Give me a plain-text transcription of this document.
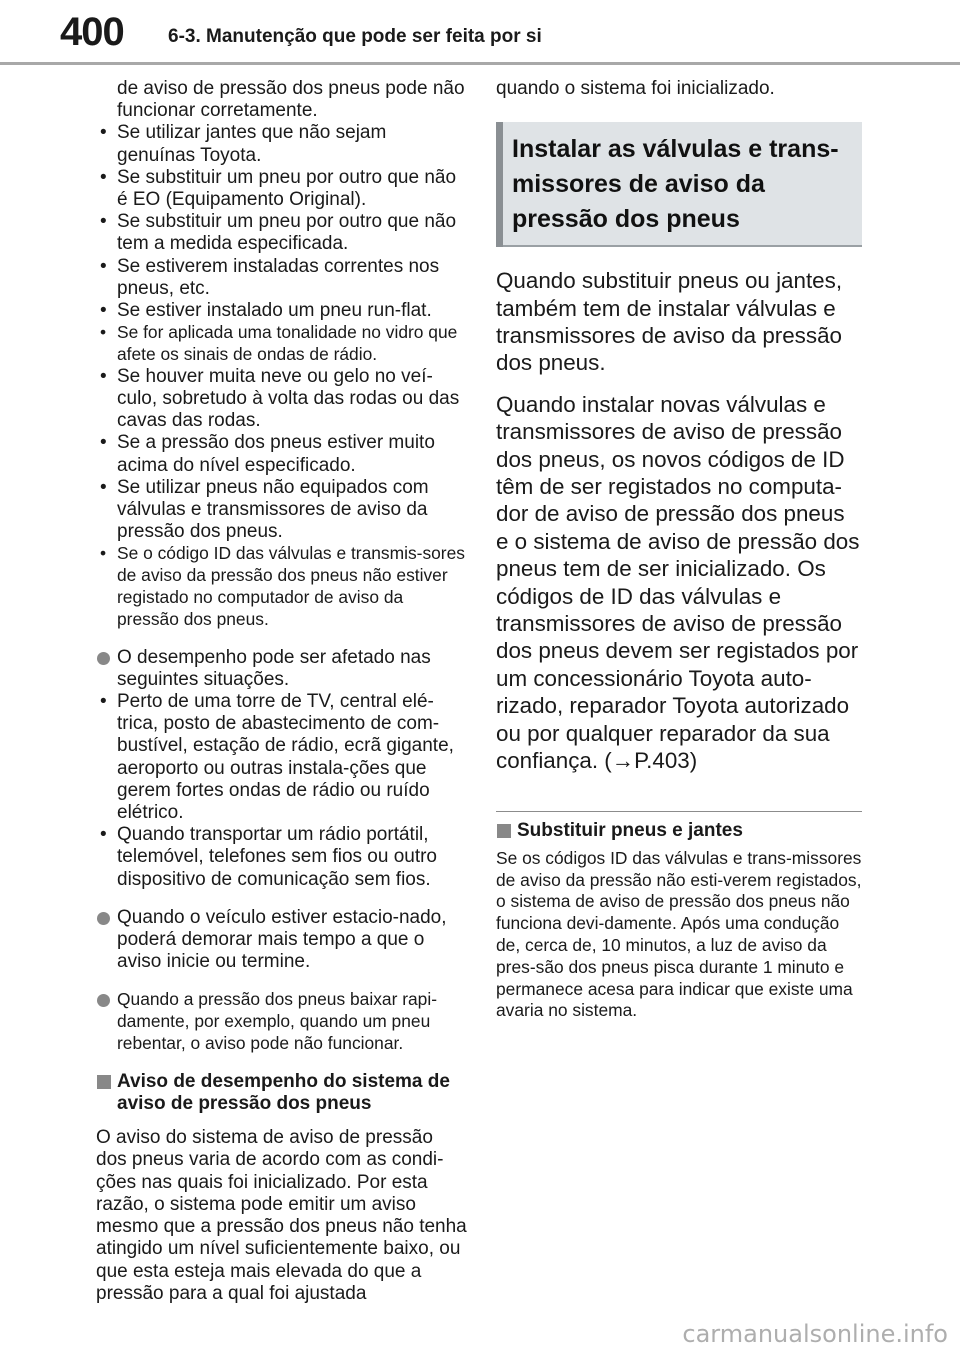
400 6-3. Manutenção que pode ser feita por si
de aviso de pressão dos pneus pode não funcionar corretamente.
• Se utilizar jantes que não sejam genuínas Toyota.
• Se substituir um pneu por outro que não é EO (Equipamento Original).
• Se substituir um pneu por outro que não tem a medida especificada.
• Se estiverem instaladas correntes nos pneus, etc.
• Se estiver instalado um pneu run-flat.
• Se for aplicada uma tonalidade no vidro que afete os sinais de ondas de rádio.
• Se houver muita neve ou gelo no veí-culo, sobretudo à volta das rodas ou das cavas das rodas.
• Se a pressão dos pneus estiver muito acima do nível especificado.
• Se utilizar pneus não equipados com válvulas e transmissores de aviso da pressão dos pneus.
• Se o código ID das válvulas e transmis-sores de aviso da pressão dos pneus não estiver registado no computador de aviso da pressão dos pneus.
O desempenho pode ser afetado nas seguintes situações.
• Perto de uma torre de TV, central elé-trica, posto de abastecimento de com-bustível, estação de rádio, ecrã gigante, aeroporto ou outras instala-ções que gerem fortes ondas de rádio ou ruído elétrico.
• Quando transportar um rádio portátil, telemóvel, telefones sem fios ou outro dispositivo de comunicação sem fios.
Quando o veículo estiver estacio-nado, poderá demorar mais tempo a que o aviso inicie ou termine.
Quando a pressão dos pneus baixar rapi-damente, por exemplo, quando um pneu rebentar, o aviso pode não funcionar.
Aviso de desempenho do sistema de aviso de pressão dos pneus
O aviso do sistema de aviso de pressão dos pneus varia de acordo com as condi-ções nas quais foi inicializado. Por esta razão, o sistema pode emitir um aviso mesmo que a pressão dos pneus não tenha atingido um nível suficientemente baixo, ou que esta esteja mais elevada do que a pressão para a qual foi ajustada
quando o sistema foi inicializado.
Instalar as válvulas e trans-missores de aviso da pressão dos pneus
Quando substituir pneus ou jantes, também tem de instalar válvulas e transmissores de aviso da pressão dos pneus.
Quando instalar novas válvulas e transmissores de aviso de pressão dos pneus, os novos códigos de ID têm de ser registados no computa-dor de aviso de pressão dos pneus e o sistema de aviso de pressão dos pneus tem de ser inicializado. Os códigos de ID das válvulas e transmissores de aviso de pressão dos pneus devem ser registados por um concessionário Toyota auto-rizado, reparador Toyota autorizado ou por qualquer reparador da sua confiança. (→P.403)
Substituir pneus e jantes
Se os códigos ID das válvulas e trans-missores de aviso da pressão não esti-verem registados, o sistema de aviso de pressão dos pneus não funciona devi-damente. Após uma condução de, cerca de, 10 minutos, a luz de aviso da pres-são dos pneus pisca durante 1 minuto e permanece acesa para indicar que existe uma avaria no sistema.
carmanualsonline.info
